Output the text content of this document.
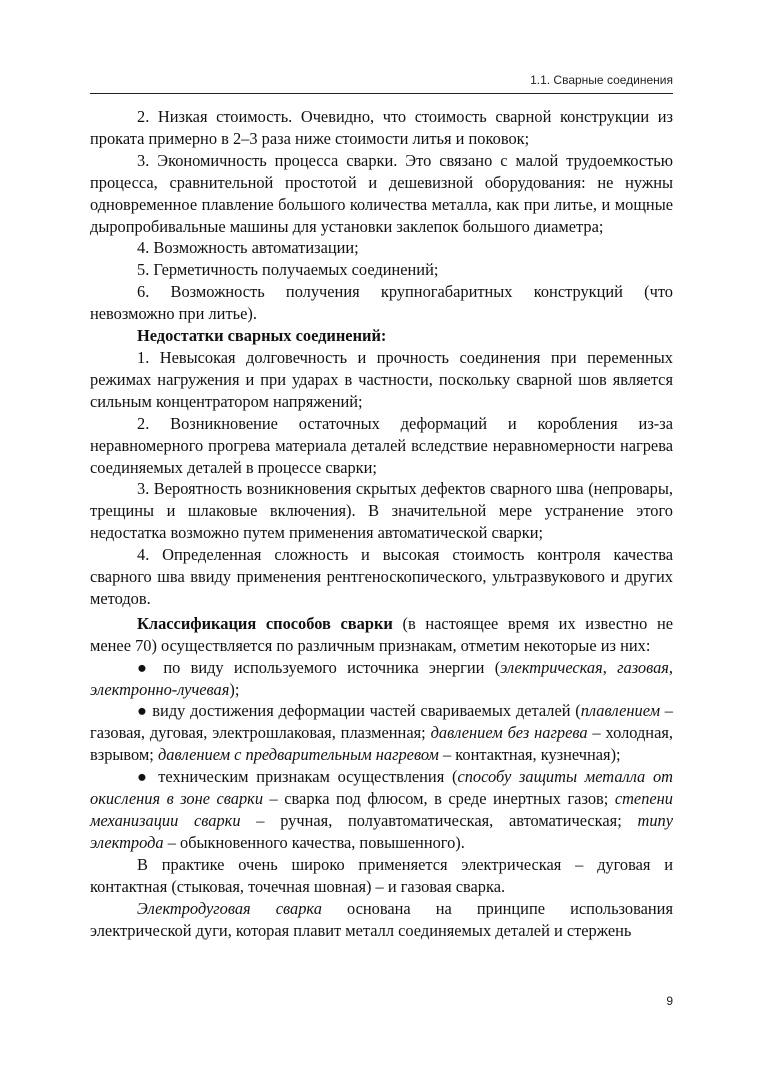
1.1. Сварные соединения

2. Низкая стоимость. Очевидно, что стоимость сварной конструкции из проката примерно в 2–3 раза ниже стоимости литья и поковок;

3. Экономичность процесса сварки. Это связано с малой трудоемкостью процесса, сравнительной простотой и дешевизной оборудования: не нужны одновременное плавление большого количества металла, как при литье, и мощные дыропробивальные машины для установки заклепок большого диаметра;

4. Возможность автоматизации;

5. Герметичность получаемых соединений;

6. Возможность получения крупногабаритных конструкций (что невозможно при литье).

Недостатки сварных соединений:

1. Невысокая долговечность и прочность соединения при переменных режимах нагружения и при ударах в частности, поскольку сварной шов является сильным концентратором напряжений;

2. Возникновение остаточных деформаций и коробления из-за неравномерного прогрева материала деталей вследствие неравномерности нагрева соединяемых деталей в процессе сварки;

3. Вероятность возникновения скрытых дефектов сварного шва (непровары, трещины и шлаковые включения). В значительной мере устранение этого недостатка возможно путем применения автоматической сварки;

4. Определенная сложность и высокая стоимость контроля качества сварного шва ввиду применения рентгеноскопического, ультразвукового и других методов.

Классификация способов сварки (в настоящее время их известно не менее 70) осуществляется по различным признакам, отметим некоторые из них:

● по виду используемого источника энергии (электрическая, газовая, электронно-лучевая);

● виду достижения деформации частей свариваемых деталей (плавлением – газовая, дуговая, электрошлаковая, плазменная; давлением без нагрева – холодная, взрывом; давлением с предварительным нагревом – контактная, кузнечная);

● техническим признакам осуществления (способу защиты металла от окисления в зоне сварки – сварка под флюсом, в среде инертных газов; степени механизации сварки – ручная, полуавтоматическая, автоматическая; типу электрода – обыкновенного качества, повышенного).

В практике очень широко применяется электрическая – дуговая и контактная (стыковая, точечная шовная) – и газовая сварка.

Электродуговая сварка основана на принципе использования электрической дуги, которая плавит металл соединяемых деталей и стержень

9
